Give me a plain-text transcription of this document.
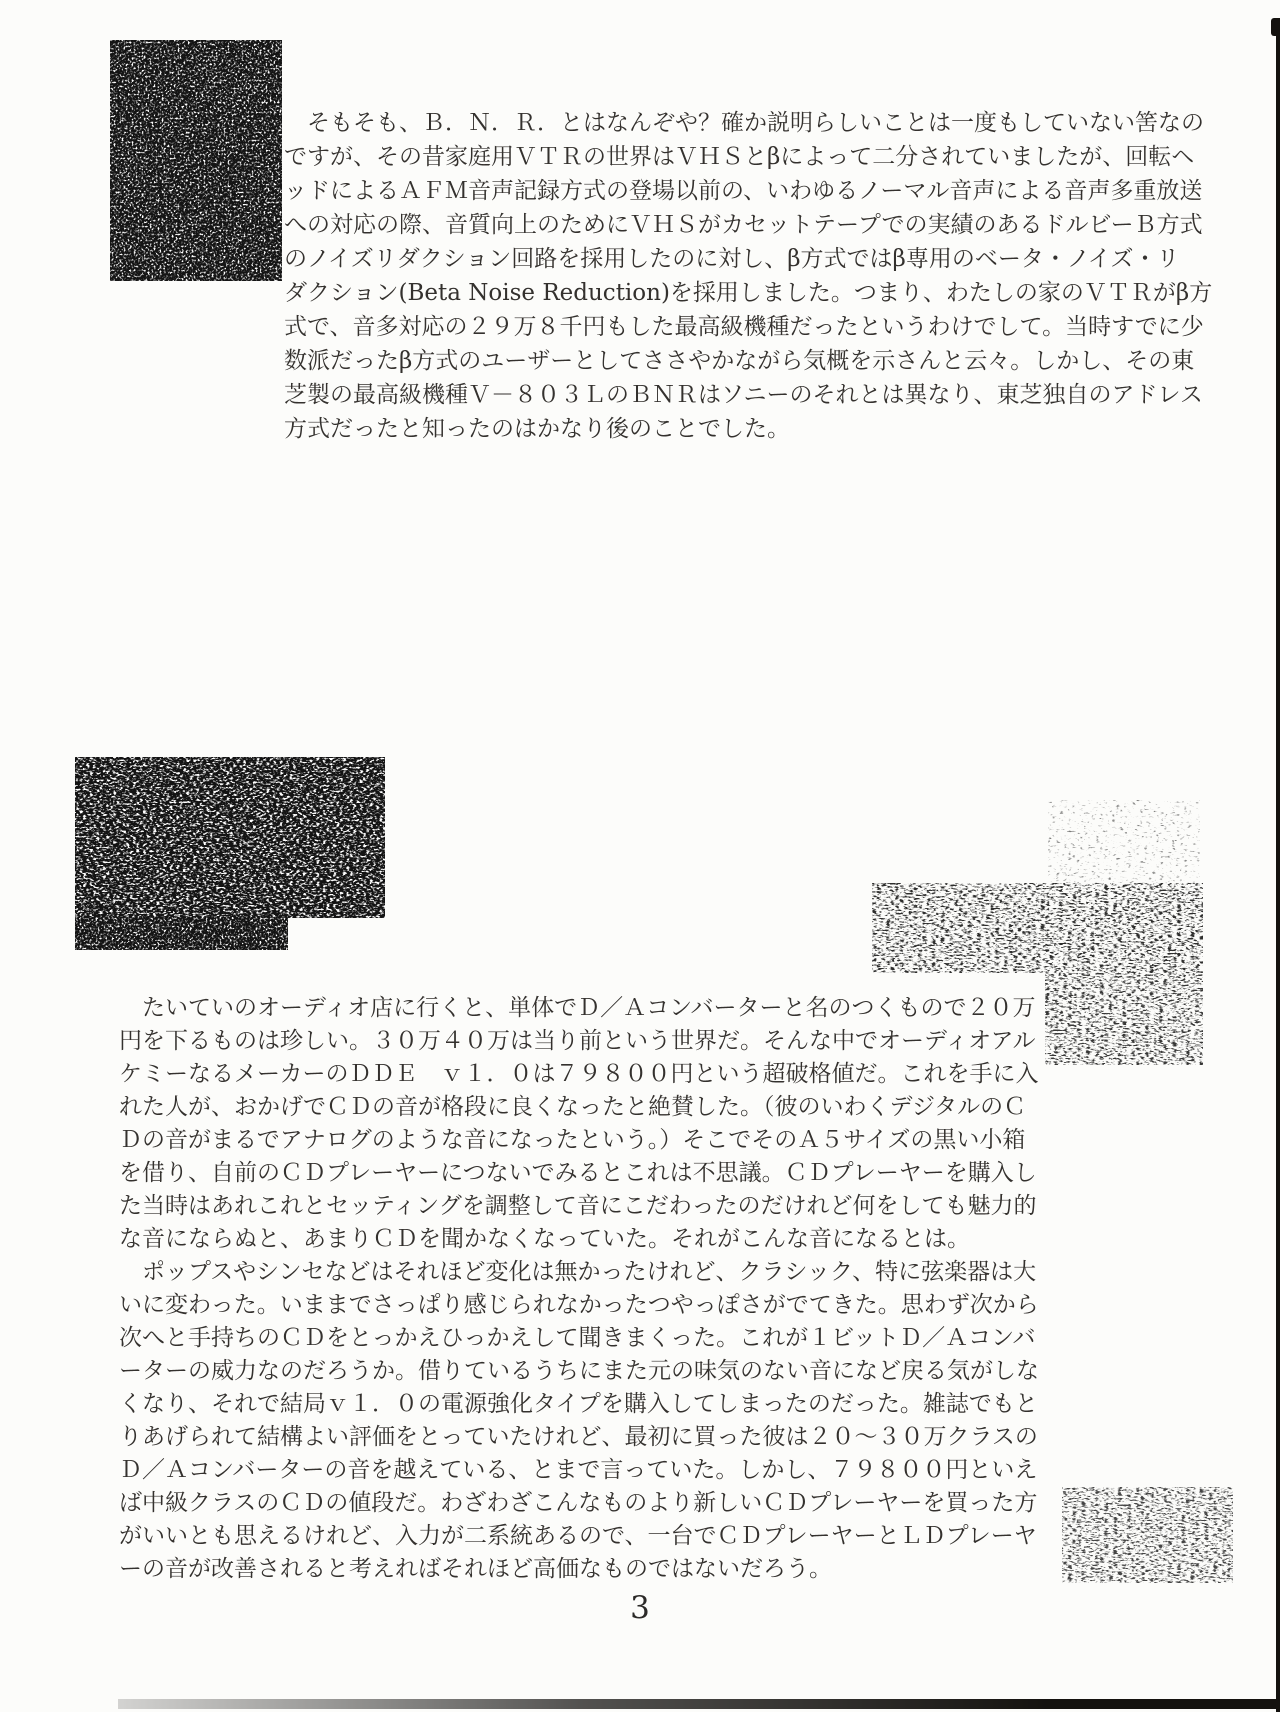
　そもそも、Ｂ．Ｎ．Ｒ．とはなんぞや？確か説明らしいことは一度もしていない筈なの
ですが、その昔家庭用ＶＴＲの世界はＶＨＳとβによって二分されていましたが、回転ヘ
ッドによるＡＦＭ音声記録方式の登場以前の、いわゆるノーマル音声による音声多重放送
への対応の際、音質向上のためにＶＨＳがカセットテープでの実績のあるドルビーＢ方式
のノイズリダクション回路を採用したのに対し、β方式ではβ専用のベータ・ノイズ・リ
ダクション(Beta Noise Reduction)を採用しました。つまり、わたしの家のＶＴＲがβ方
式で、音多対応の２９万８千円もした最高級機種だったというわけでして。当時すでに少
数派だったβ方式のユーザーとしてささやかながら気概を示さんと云々。しかし、その東
芝製の最高級機種Ｖ－８０３ＬのＢＮＲはソニーのそれとは異なり、東芝独自のアドレス
方式だったと知ったのはかなり後のことでした。
　たいていのオーディオ店に行くと、単体でＤ／Ａコンバーターと名のつくもので２０万
円を下るものは珍しい。３０万４０万は当り前という世界だ。そんな中でオーディオアル
ケミーなるメーカーのＤＤＥ　ｖ１．０は７９８００円という超破格値だ。これを手に入
れた人が、おかげでＣＤの音が格段に良くなったと絶賛した。（彼のいわくデジタルのＣ
Ｄの音がまるでアナログのような音になったという。）そこでそのＡ５サイズの黒い小箱
を借り、自前のＣＤプレーヤーにつないでみるとこれは不思議。ＣＤプレーヤーを購入し
た当時はあれこれとセッティングを調整して音にこだわったのだけれど何をしても魅力的
な音にならぬと、あまりＣＤを聞かなくなっていた。それがこんな音になるとは。
　ポップスやシンセなどはそれほど変化は無かったけれど、クラシック、特に弦楽器は大
いに変わった。いままでさっぱり感じられなかったつやっぽさがでてきた。思わず次から
次へと手持ちのＣＤをとっかえひっかえして聞きまくった。これが１ビットＤ／Ａコンバ
ーターの威力なのだろうか。借りているうちにまた元の味気のない音になど戻る気がしな
くなり、それで結局ｖ１．０の電源強化タイプを購入してしまったのだった。雑誌でもと
りあげられて結構よい評価をとっていたけれど、最初に買った彼は２０～３０万クラスの
Ｄ／Ａコンバーターの音を越えている、とまで言っていた。しかし、７９８００円といえ
ば中級クラスのＣＤの値段だ。わざわざこんなものより新しいＣＤプレーヤーを買った方
がいいとも思えるけれど、入力が二系統あるので、一台でＣＤプレーヤーとＬＤプレーヤ
ーの音が改善されると考えればそれほど高価なものではないだろう。
3
